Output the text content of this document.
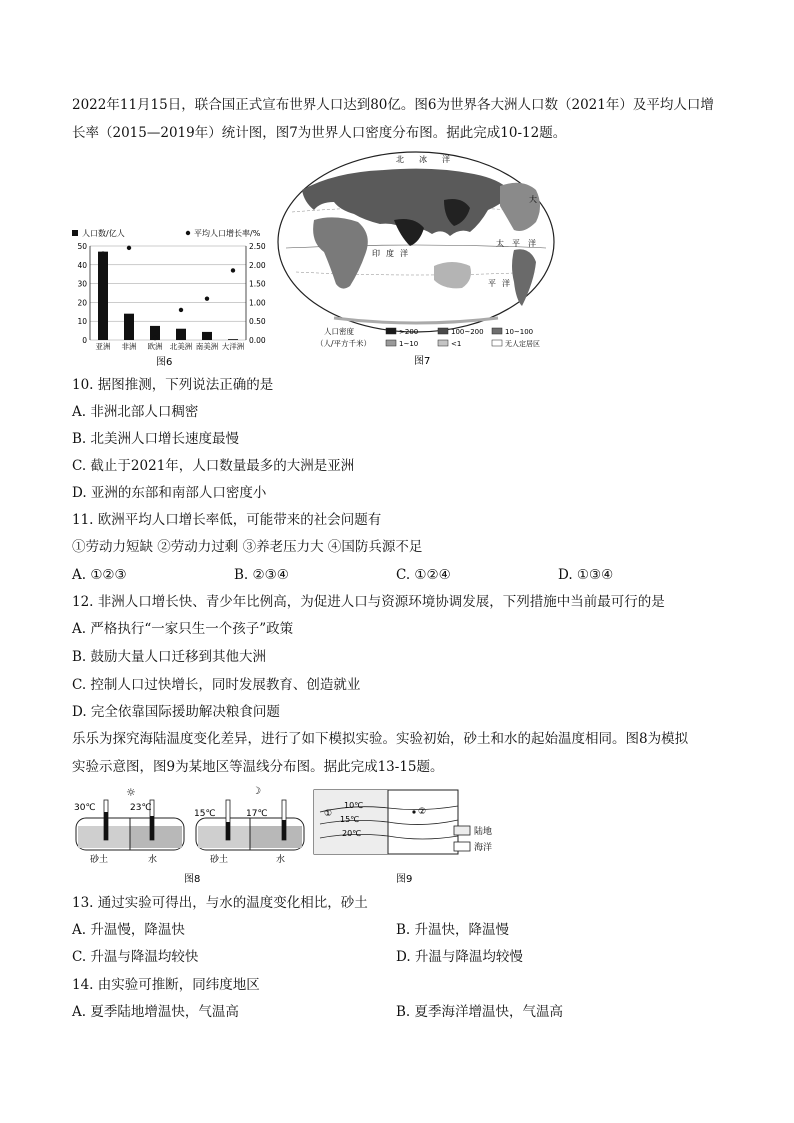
2022年11月15日，联合国正式宣布世界人口达到80亿。图6为世界各大洲人口数（2021年）及平均人口增
长率（2015—2019年）统计图，图7为世界人口密度分布图。据此完成10-12题。
人口数/亿人	平均人口增长率/%
0	0.00
10	0.50
20	1.00
30	1.50
40	2.00
50	2.50
亚洲 非洲 欧洲 北美洲 南美洲 大洋洲
图6
北 冰 洋
大
太 平 洋
印 度 洋
平 洋
人口密度
（人/平方千米）
>200	100~200	10~100
1~10	<1	无人定居区
图7
10. 据图推测，下列说法正确的是
A. 非洲北部人口稠密
B. 北美洲人口增长速度最慢
C. 截止于2021年，人口数量最多的大洲是亚洲
D. 亚洲的东部和南部人口密度小
11. 欧洲平均人口增长率低，可能带来的社会问题有
①劳动力短缺 ②劳动力过剩 ③养老压力大 ④国防兵源不足
A. ①②③	B. ②③④	C. ①②④	D. ①③④
12. 非洲人口增长快、青少年比例高，为促进人口与资源环境协调发展，下列措施中当前最可行的是
A. 严格执行“一家只生一个孩子”政策
B. 鼓励大量人口迁移到其他大洲
C. 控制人口过快增长，同时发展教育、创造就业
D. 完全依靠国际援助解决粮食问题
乐乐为探究海陆温度变化差异，进行了如下模拟实验。实验初始，砂土和水的起始温度相同。图8为模拟
实验示意图，图9为某地区等温线分布图。据此完成13-15题。
30℃	23℃
☼
砂土	水
15℃	17℃
☽
砂土	水
图8
10℃
15℃
20℃
①	②
陆地
海洋
图9
13. 通过实验可得出，与水的温度变化相比，砂土
A. 升温慢，降温快	B. 升温快，降温慢
C. 升温与降温均较快	D. 升温与降温均较慢
14. 由实验可推断，同纬度地区
A. 夏季陆地增温快，气温高	B. 夏季海洋增温快，气温高
